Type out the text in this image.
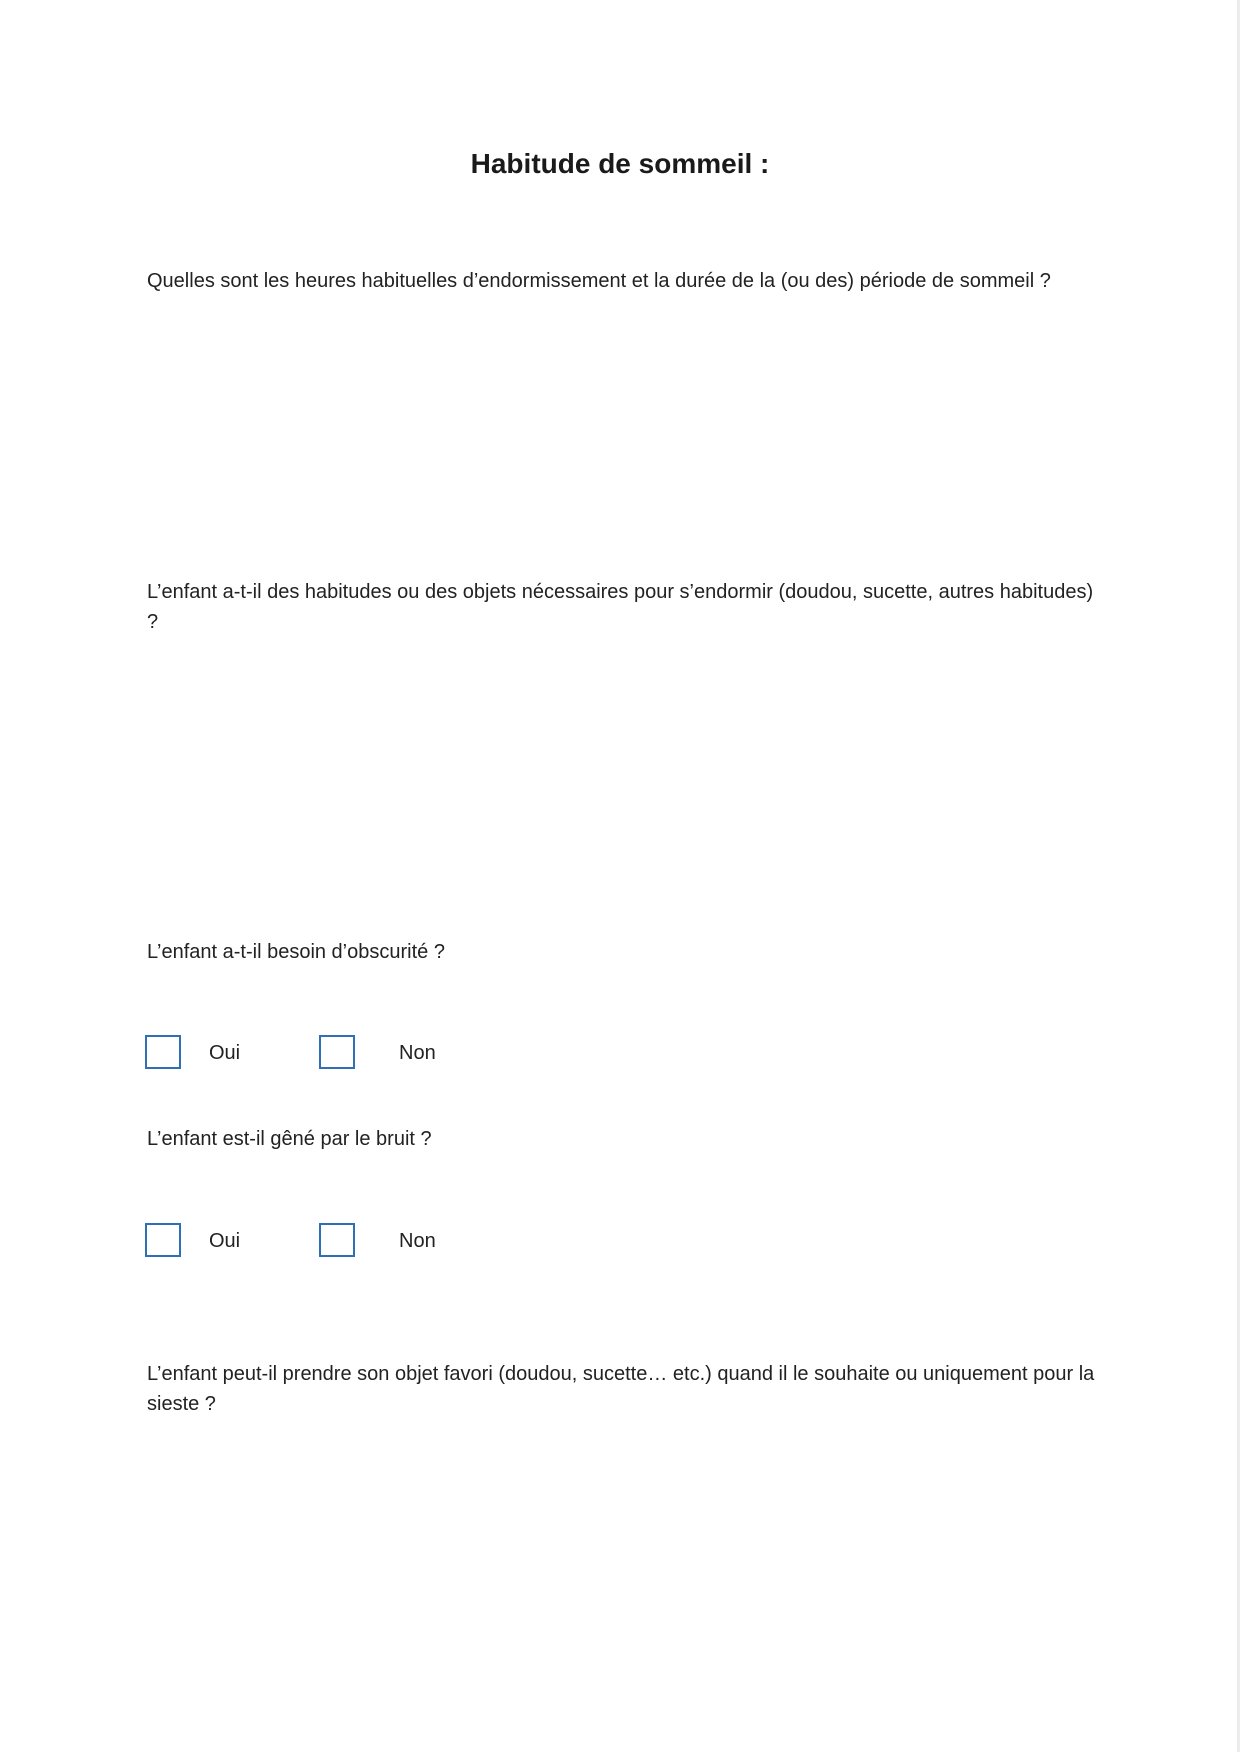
Habitude de sommeil :

Quelles sont les heures habituelles d’endormissement et la durée de la (ou des) période de sommeil ?

L’enfant a-t-il des habitudes ou des objets nécessaires pour s’endormir (doudou, sucette, autres habitudes) ?

L’enfant a-t-il besoin d’obscurité ?

Oui	Non

L’enfant est-il gêné par le bruit ?

Oui	Non

L’enfant peut-il prendre son objet favori (doudou, sucette… etc.) quand il le souhaite ou uniquement pour la sieste ?
